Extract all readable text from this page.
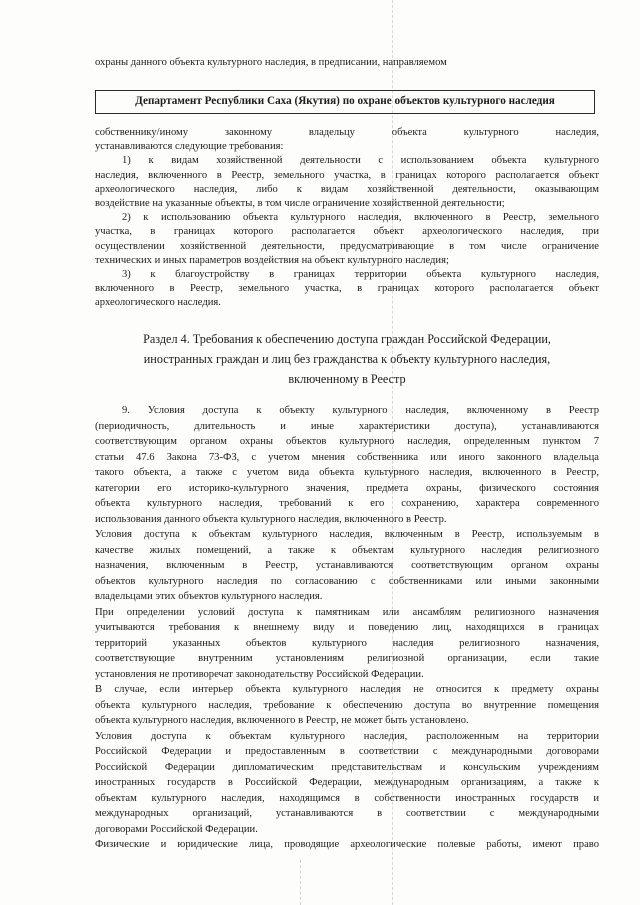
охраны данного объекта культурного наследия, в предписании, направляемом
Департамент Республики Саха (Якутия) по охране объектов культурного наследия
собственнику/иному законному владельцу объекта культурного наследия,
устанавливаются следующие требования:
1) к видам хозяйственной деятельности с использованием объекта культурного
наследия, включенного в Реестр, земельного участка, в границах которого располагается объект
археологического наследия, либо к видам хозяйственной деятельности, оказывающим
воздействие на указанные объекты, в том числе ограничение хозяйственной деятельности;
2) к использованию объекта культурного наследия, включенного в Реестр, земельного
участка, в границах которого располагается объект археологического наследия, при
осуществлении хозяйственной деятельности, предусматривающие в том числе ограничение
технических и иных параметров воздействия на объект культурного наследия;
3) к благоустройству в границах территории объекта культурного наследия,
включенного в Реестр, земельного участка, в границах которого располагается объект
археологического наследия.
Раздел 4. Требования к обеспечению доступа граждан Российской Федерации,
иностранных граждан и лиц без гражданства к объекту культурного наследия,
включенному в Реестр
9. Условия доступа к объекту культурного наследия, включенному в Реестр
(периодичность, длительность и иные характеристики доступа), устанавливаются
соответствующим органом охраны объектов культурного наследия, определенным пунктом 7
статьи 47.6 Закона 73-ФЗ, с учетом мнения собственника или иного законного владельца
такого объекта, а также с учетом вида объекта культурного наследия, включенного в Реестр,
категории его историко-культурного значения, предмета охраны, физического состояния
объекта культурного наследия, требований к его сохранению, характера современного
использования данного объекта культурного наследия, включенного в Реестр.
Условия доступа к объектам культурного наследия, включенным в Реестр, используемым в
качестве жилых помещений, а также к объектам культурного наследия религиозного
назначения, включенным в Реестр, устанавливаются соответствующим органом охраны
объектов культурного наследия по согласованию с собственниками или иными законными
владельцами этих объектов культурного наследия.
При определении условий доступа к памятникам или ансамблям религиозного назначения
учитываются требования к внешнему виду и поведению лиц, находящихся в границах
территорий указанных объектов культурного наследия религиозного назначения,
соответствующие внутренним установлениям религиозной организации, если такие
установления не противоречат законодательству Российской Федерации.
В случае, если интерьер объекта культурного наследия не относится к предмету охраны
объекта культурного наследия, требование к обеспечению доступа во внутренние помещения
объекта культурного наследия, включенного в Реестр, не может быть установлено.
Условия доступа к объектам культурного наследия, расположенным на территории
Российской Федерации и предоставленным в соответствии с международными договорами
Российской Федерации дипломатическим представительствам и консульским учреждениям
иностранных государств в Российской Федерации, международным организациям, а также к
объектам культурного наследия, находящимся в собственности иностранных государств и
международных организаций, устанавливаются в соответствии с международными
договорами Российской Федерации.
Физические и юридические лица, проводящие археологические полевые работы, имеют право
